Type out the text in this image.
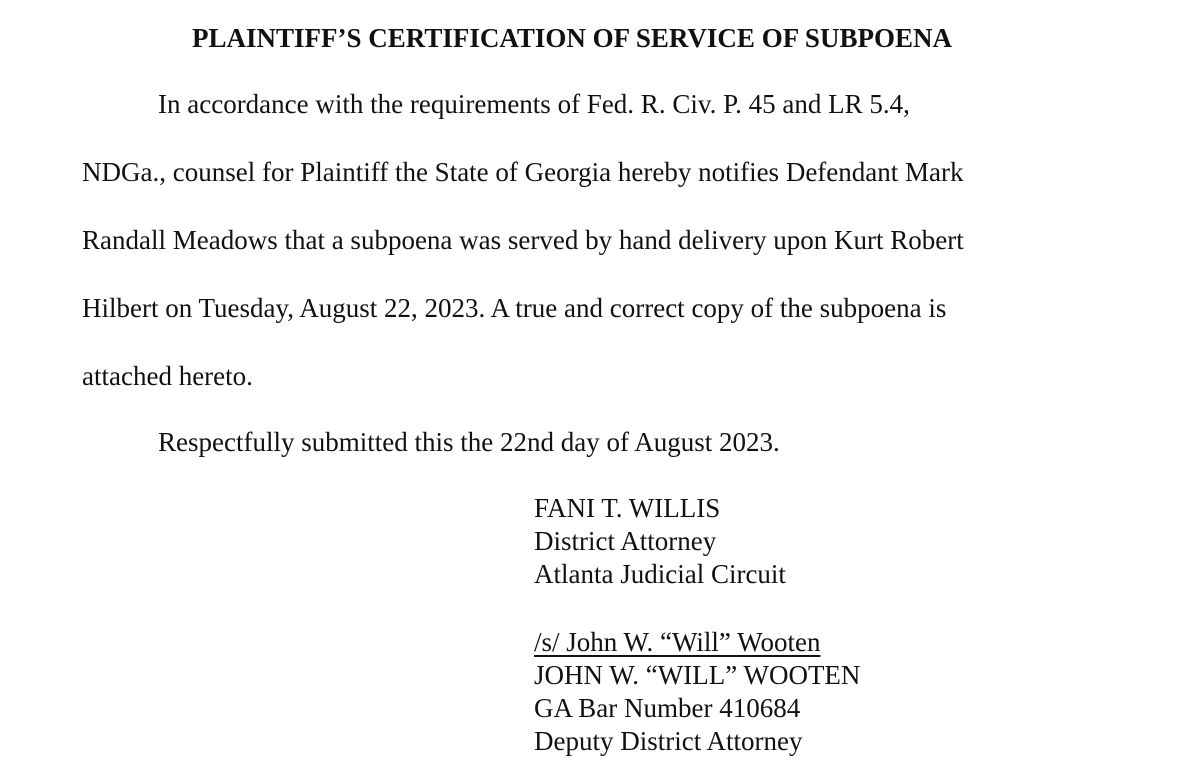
PLAINTIFF’S CERTIFICATION OF SERVICE OF SUBPOENA
In accordance with the requirements of Fed. R. Civ. P. 45 and LR 5.4,
NDGa., counsel for Plaintiff the State of Georgia hereby notifies Defendant Mark
Randall Meadows that a subpoena was served by hand delivery upon Kurt Robert
Hilbert on Tuesday, August 22, 2023. A true and correct copy of the subpoena is
attached hereto.
Respectfully submitted this the 22nd day of August 2023.
FANI T. WILLIS
District Attorney
Atlanta Judicial Circuit
/s/ John W. “Will” Wooten
JOHN W. “WILL” WOOTEN
GA Bar Number 410684
Deputy District Attorney
